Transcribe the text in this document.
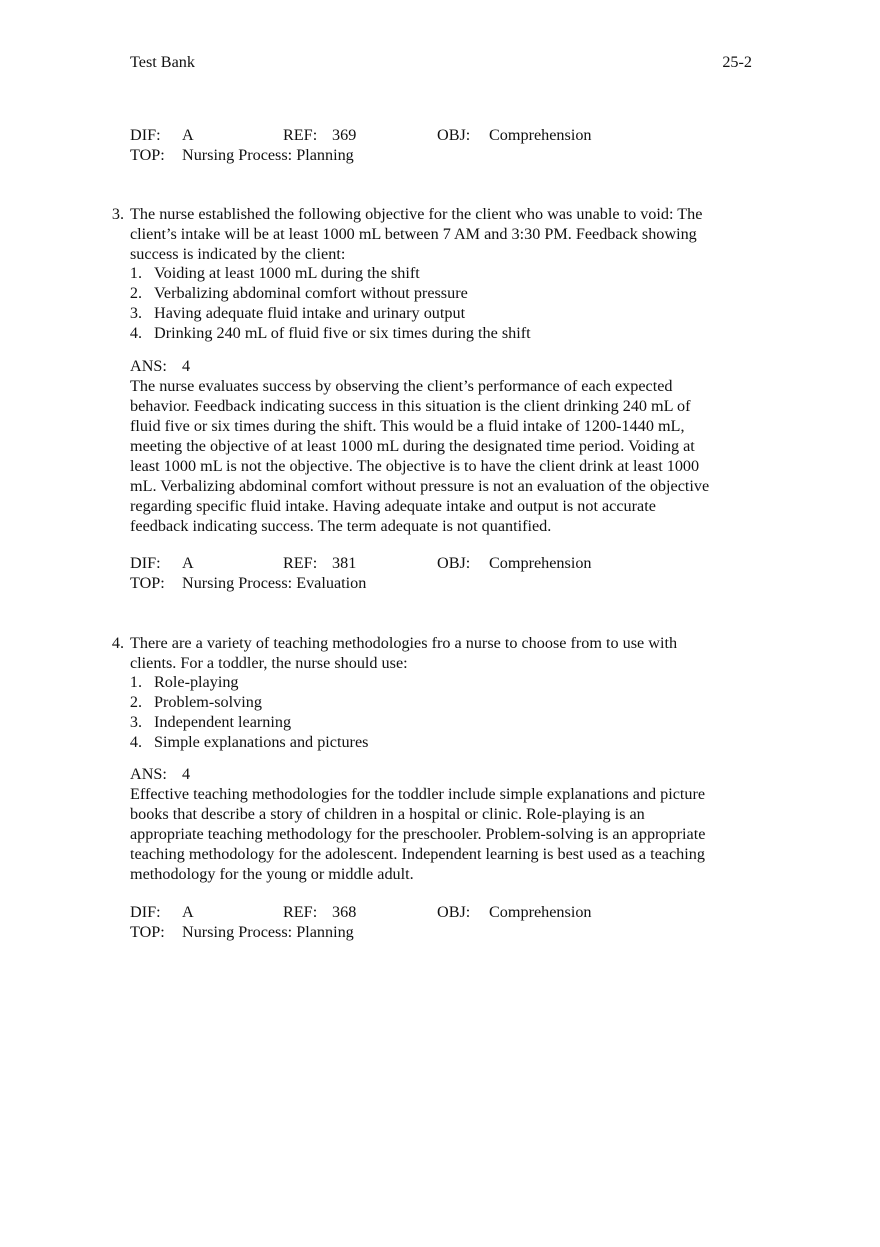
Test Bank	25-2
DIF: A	REF: 369	OBJ: Comprehension
TOP: Nursing Process: Planning
3. The nurse established the following objective for the client who was unable to void: The
client’s intake will be at least 1000 mL between 7 AM and 3:30 PM. Feedback showing
success is indicated by the client:
1. Voiding at least 1000 mL during the shift
2. Verbalizing abdominal comfort without pressure
3. Having adequate fluid intake and urinary output
4. Drinking 240 mL of fluid five or six times during the shift
ANS: 4
The nurse evaluates success by observing the client’s performance of each expected
behavior. Feedback indicating success in this situation is the client drinking 240 mL of
fluid five or six times during the shift. This would be a fluid intake of 1200-1440 mL,
meeting the objective of at least 1000 mL during the designated time period. Voiding at
least 1000 mL is not the objective. The objective is to have the client drink at least 1000
mL. Verbalizing abdominal comfort without pressure is not an evaluation of the objective
regarding specific fluid intake. Having adequate intake and output is not accurate
feedback indicating success. The term adequate is not quantified.
DIF: A	REF: 381	OBJ: Comprehension
TOP: Nursing Process: Evaluation
4. There are a variety of teaching methodologies fro a nurse to choose from to use with
clients. For a toddler, the nurse should use:
1. Role-playing
2. Problem-solving
3. Independent learning
4. Simple explanations and pictures
ANS: 4
Effective teaching methodologies for the toddler include simple explanations and picture
books that describe a story of children in a hospital or clinic. Role-playing is an
appropriate teaching methodology for the preschooler. Problem-solving is an appropriate
teaching methodology for the adolescent. Independent learning is best used as a teaching
methodology for the young or middle adult.
DIF: A	REF: 368	OBJ: Comprehension
TOP: Nursing Process: Planning
